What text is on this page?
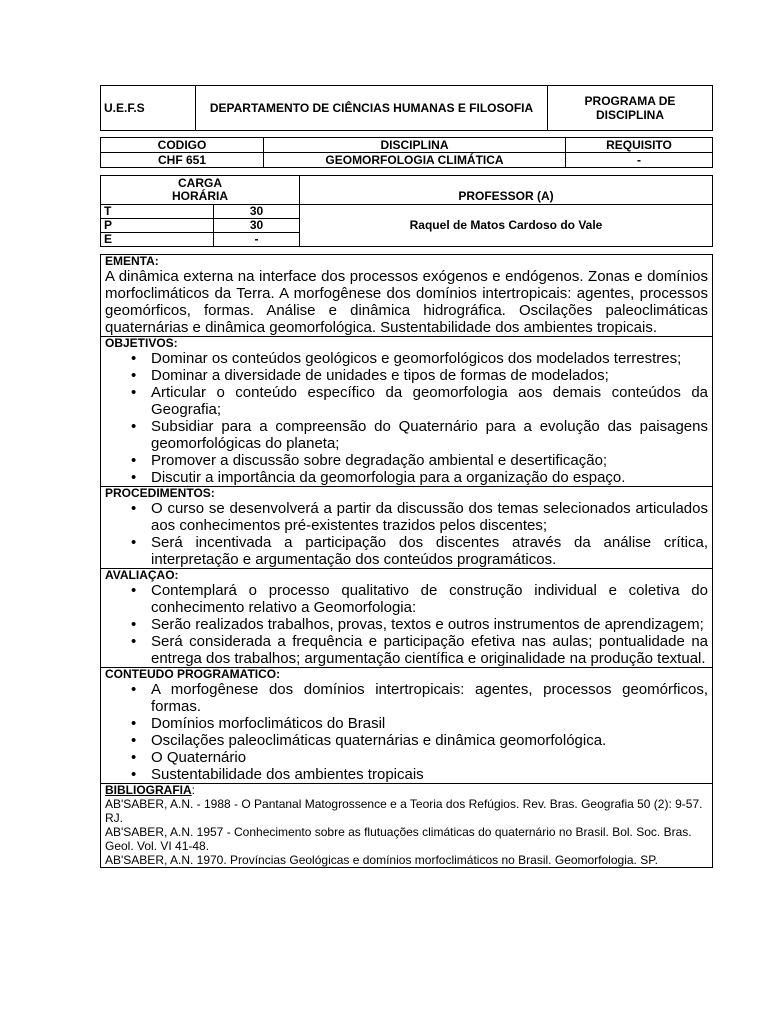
U.E.F.S	DEPARTAMENTO DE CIÊNCIAS HUMANAS E FILOSOFIA	PROGRAMA DE DISCIPLINA
CODIGO	DISCIPLINA	REQUISITO
CHF 651	GEOMORFOLOGIA CLIMÁTICA	-
CARGA HORÁRIA		PROFESSOR (A)
T	30	Raquel de Matos Cardoso do Vale
P	30	
E	-	
EMENTA:

A dinâmica externa na interface dos processos exógenos e endógenos. Zonas e domínios morfoclimáticos da Terra. A morfogênese dos domínios intertropicais: agentes, processos geomórficos, formas. Análise e dinâmica hidrográfica. Oscilações paleoclimáticas quaternárias e dinâmica geomorfológica. Sustentabilidade dos ambientes tropicais.

OBJETIVOS:
• Dominar os conteúdos geológicos e geomorfológicos dos modelados terrestres;
• Dominar a diversidade de unidades e tipos de formas de modelados;
• Articular o conteúdo específico da geomorfologia aos demais conteúdos da Geografia;
• Subsidiar para a compreensão do Quaternário para a evolução das paisagens geomorfológicas do planeta;
• Promover a discussão sobre degradação ambiental e desertificação;
• Discutir a importância da geomorfologia para a organização do espaço.

PROCEDIMENTOS:
• O curso se desenvolverá a partir da discussão dos temas selecionados articulados aos conhecimentos pré-existentes trazidos pelos discentes;
• Será incentivada a participação dos discentes através da análise crítica, interpretação e argumentação dos conteúdos programáticos.

AVALIAÇAO:
• Contemplará o processo qualitativo de construção individual e coletiva do conhecimento relativo a Geomorfologia:
• Serão realizados trabalhos, provas, textos e outros instrumentos de aprendizagem;
• Será considerada a frequência e participação efetiva nas aulas; pontualidade na entrega dos trabalhos; argumentação científica e originalidade na produção textual.

CONTEUDO PROGRAMATICO:
• A morfogênese dos domínios intertropicais: agentes, processos geomórficos, formas.
• Domínios morfoclimáticos do Brasil
• Oscilações paleoclimáticas quaternárias e dinâmica geomorfológica.
• O Quaternário
• Sustentabilidade dos ambientes tropicais

BIBLIOGRAFIA:

AB'SABER, A.N. - 1988 - O Pantanal Matogrossence e a Teoria dos Refúgios. Rev. Bras. Geografia 50 (2): 9-57. RJ.

AB'SABER, A.N. 1957 - Conhecimento sobre as flutuações climáticas do quaternário no Brasil. Bol. Soc. Bras. Geol. Vol. VI 41-48.

AB'SABER, A.N. 1970. Províncias Geológicas e domínios morfoclimáticos no Brasil. Geomorfologia. SP.
